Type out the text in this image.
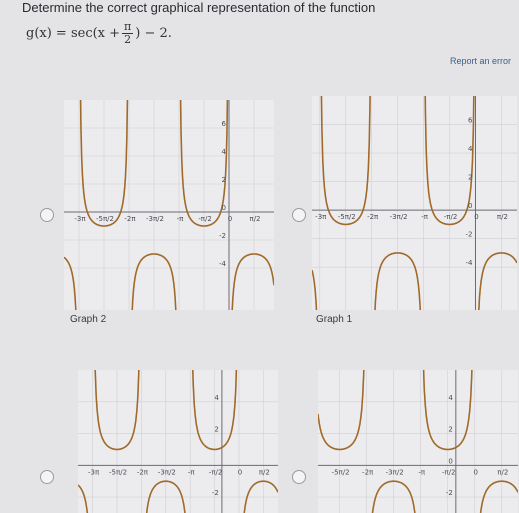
Determine the correct graphical representation of the function
$g(x) = \sec(x + \frac{\pi}{2}$ ) − 2.
Report an error
-3π -5π/2 -2π -3π/2 -π -π/2 0 π/2
6
4
2
0
-2
-4
Graph 2
-3π -5π/2 -2π -3π/2 -π -π/2 0	π/2
6
4
2
0
-2
-4
Graph 1
-3π -5π/2 -2π -3π/2 -π -π/2 0 π/2
4
2
-2
-5π/2 -2π -3π/2 -π -π/2	0	π/2
4
2
0
-2
